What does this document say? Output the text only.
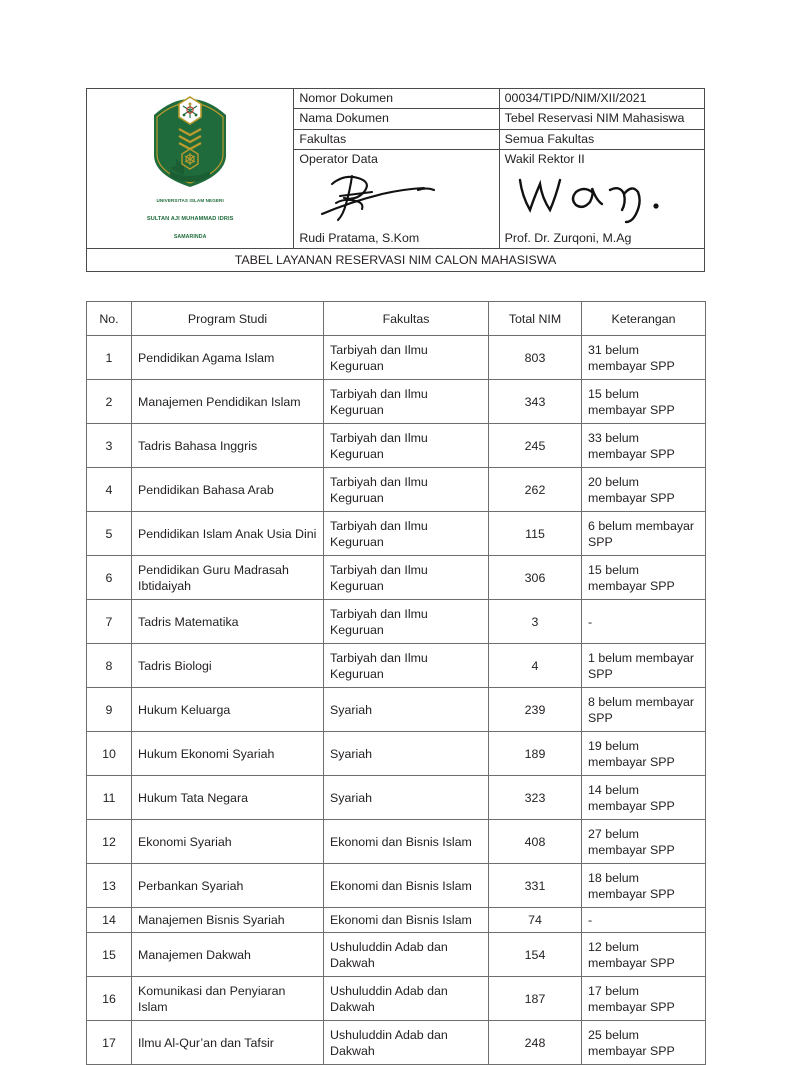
UNIVERSITAS ISLAM NEGERI
SULTAN AJI MUHAMMAD IDRIS
SAMARINDA	Nomor Dokumen	00034/TIPD/NIM/XII/2021
	Nama Dokumen	Tebel Reservasi NIM Mahasiswa
	Fakultas	Semua Fakultas

Operator Data
Rudi Pratama, S.Kom

Wakil Rektor II
Prof. Dr. Zurqoni, M.Ag

TABEL LAYANAN RESERVASI NIM CALON MAHASISWA		
No.	Program Studi	Fakultas	Total NIM	Keterangan
1	Pendidikan Agama Islam	Tarbiyah dan Ilmu Keguruan	803	31 belum membayar SPP
2	Manajemen Pendidikan Islam	Tarbiyah dan Ilmu Keguruan	343	15 belum membayar SPP
3	Tadris Bahasa Inggris	Tarbiyah dan Ilmu Keguruan	245	33 belum membayar SPP
4	Pendidikan Bahasa Arab	Tarbiyah dan Ilmu Keguruan	262	20 belum membayar SPP
5	Pendidikan Islam Anak Usia Dini	Tarbiyah dan Ilmu Keguruan	115	6 belum membayar SPP
6	Pendidikan Guru Madrasah Ibtidaiyah	Tarbiyah dan Ilmu Keguruan	306	15 belum membayar SPP
7	Tadris Matematika	Tarbiyah dan Ilmu Keguruan	3	-
8	Tadris Biologi	Tarbiyah dan Ilmu Keguruan	4	1 belum membayar SPP
9	Hukum Keluarga	Syariah	239	8 belum membayar SPP
10	Hukum Ekonomi Syariah	Syariah	189	19 belum membayar SPP
11	Hukum Tata Negara	Syariah	323	14 belum membayar SPP
12	Ekonomi Syariah	Ekonomi dan Bisnis Islam	408	27 belum membayar SPP
13	Perbankan Syariah	Ekonomi dan Bisnis Islam	331	18 belum membayar SPP
14	Manajemen Bisnis Syariah	Ekonomi dan Bisnis Islam	74	-
15	Manajemen Dakwah	Ushuluddin Adab dan Dakwah	154	12 belum membayar SPP
16	Komunikasi dan Penyiaran Islam	Ushuluddin Adab dan Dakwah	187	17 belum membayar SPP
17	Ilmu Al-Qur’an dan Tafsir	Ushuluddin Adab dan Dakwah	248	25 belum membayar SPP
